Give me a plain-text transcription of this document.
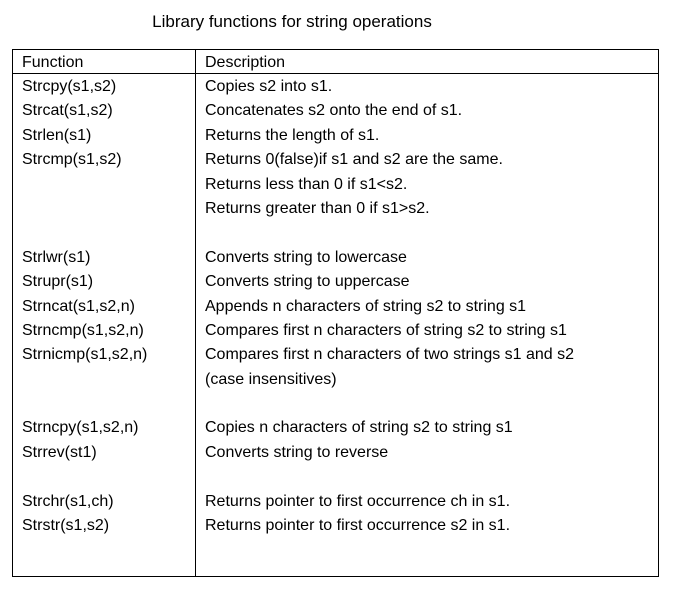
Library functions for string operations
Function	Description
Strcpy(s1,s2)
Strcat(s1,s2)
Strlen(s1)
Strcmp(s1,s2)
Strlwr(s1)
Strupr(s1)
Strncat(s1,s2,n)
Strncmp(s1,s2,n)
Strnicmp(s1,s2,n)
Strncpy(s1,s2,n)
Strrev(st1)
Strchr(s1,ch)
Strstr(s1,s2)
Copies s2 into s1.
Concatenates s2 onto the end of s1.
Returns the length of s1.
Returns 0(false)if s1 and s2 are the same.
Returns less than 0 if s1<s2.
Returns greater than 0 if s1>s2.
Converts string to lowercase
Converts string to uppercase
Appends n characters of string s2 to string s1
Compares first n characters of string s2 to string s1
Compares first n characters of two strings s1 and s2
(case insensitives)
Copies n characters of string s2 to string s1
Converts string to reverse
Returns pointer to first occurrence ch in s1.
Returns pointer to first occurrence s2 in s1.
